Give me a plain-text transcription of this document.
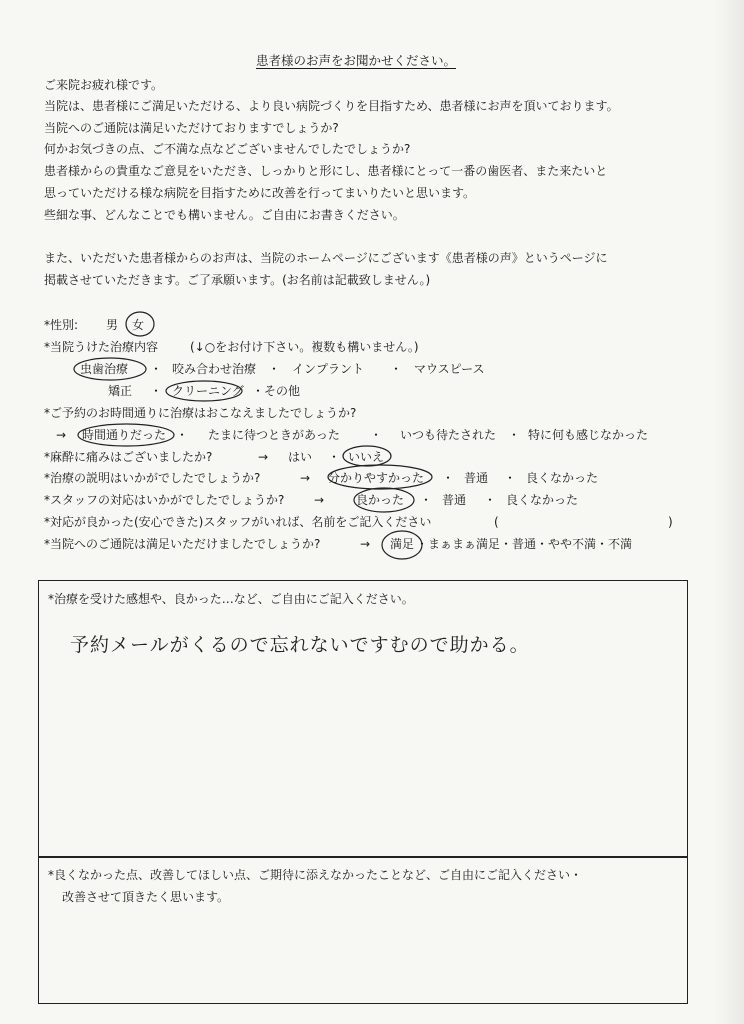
患者様のお声をお聞かせください。
ご来院お疲れ様です。
当院は、患者様にご満足いただける、より良い病院づくりを目指すため、患者様にお声を頂いております。
当院へのご通院は満足いただけておりますでしょうか?
何かお気づきの点、ご不満な点などございませんでしたでしょうか?
患者様からの貴重なご意見をいただき、しっかりと形にし、患者様にとって一番の歯医者、また来たいと
思っていただける様な病院を目指すために改善を行ってまいりたいと思います。
些細な事、どんなことでも構いません。ご自由にお書きください。
また、いただいた患者様からのお声は、当院のホームページにございます《患者様の声》というページに
掲載させていただきます。ご了承願います。(お名前は記載致しません。)
*性別: 男 女
*当院うけた治療内容	(↓○をお付け下さい。複数も構いません。)
虫歯治療 ・ 咬み合わせ治療 ・ インプラント ・ マウスピース
矯正 ・ クリーニング ・その他
*ご予約のお時間通りに治療はおこなえましたでしょうか?
→ 時間通りだった ・ たまに待つときがあった	・ いつも待たされた ・ 特に何も感じなかった
*麻酔に痛みはございましたか?	→ はい ・ いいえ
*治療の説明はいかがでしたでしょうか?	→ 分かりやすかった ・ 普通 ・ 良くなかった
*スタッフの対応はいかがでしたでしょうか? →	良かった ・ 普通 ・ 良くなかった
*対応が良かった(安心できた)スタッフがいれば、名前をご記入ください	(	)
*当院へのご通院は満足いただけましたでしょうか?	→ 満足 ・まぁまぁ満足・普通・やや不満・不満
*治療を受けた感想や、良かった…など、ご自由にご記入ください。
予約メールがくるので忘れないですむので助かる。
*良くなかった点、改善してほしい点、ご期待に添えなかったことなど、ご自由にご記入ください・
改善させて頂きたく思います。
